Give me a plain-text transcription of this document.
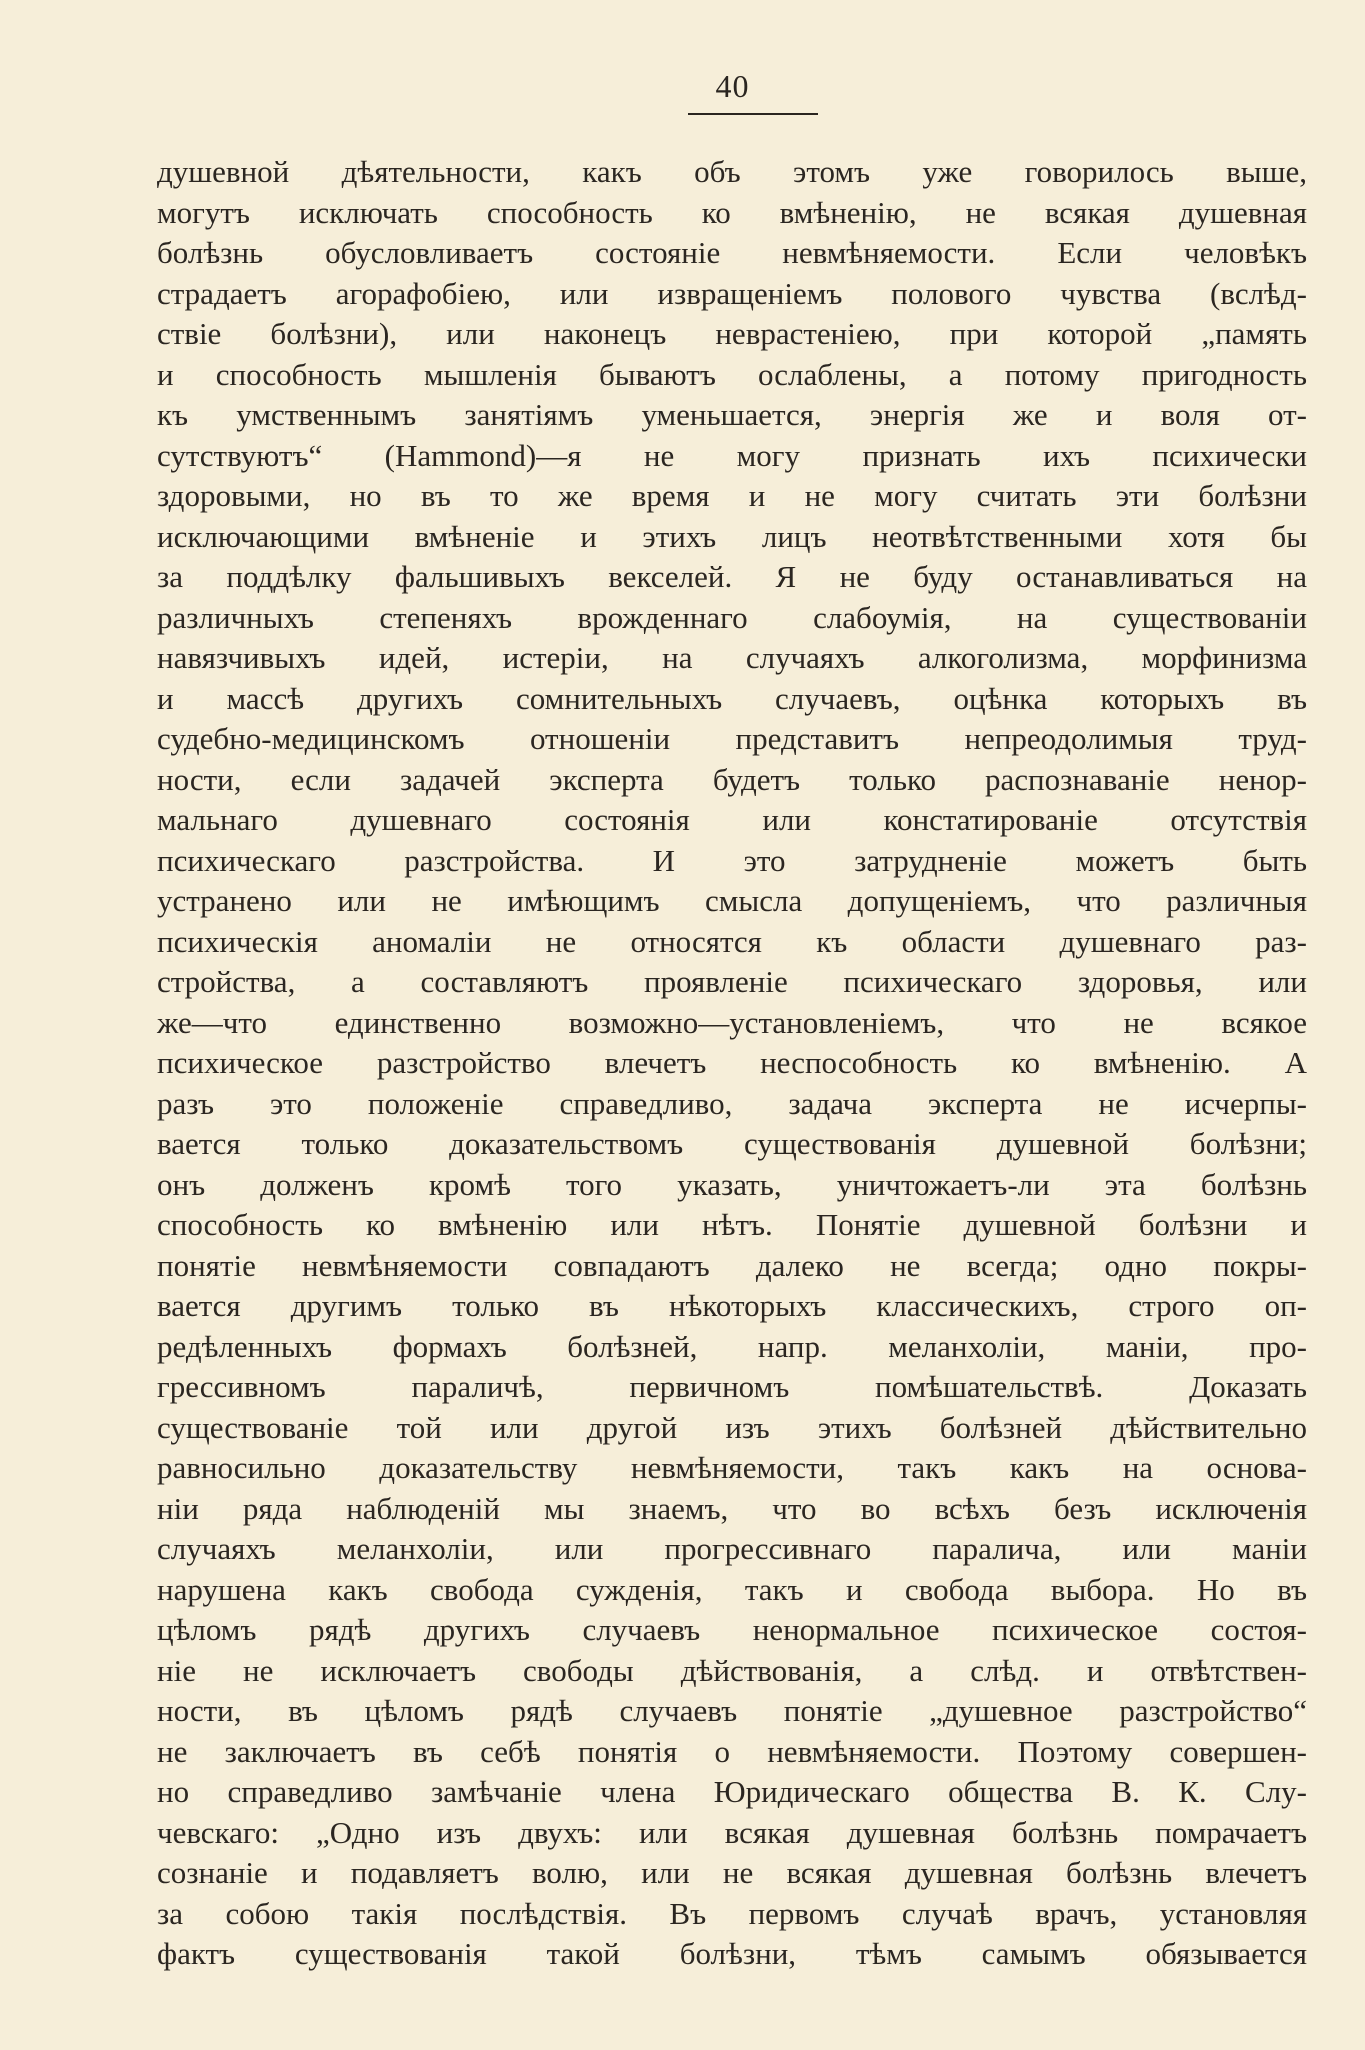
40
душевной дѣятельности, какъ объ этомъ уже говорилось выше,
могутъ исключать способность ко вмѣненію, не всякая душевная
болѣзнь обусловливаетъ состояніе невмѣняемости. Если человѣкъ
страдаетъ агорафобіею, или извращеніемъ полового чувства (вслѣд-
ствіе болѣзни), или наконецъ неврастеніею, при которой „память
и способность мышленія бываютъ ослаблены, а потому пригодность
къ умственнымъ занятіямъ уменьшается, энергія же и воля от-
сутствуютъ“ (Hammond)—я не могу признать ихъ психически
здоровыми, но въ то же время и не могу считать эти болѣзни
исключающими вмѣненіе и этихъ лицъ неотвѣтственными хотя бы
за поддѣлку фальшивыхъ векселей. Я не буду останавливаться на
различныхъ степеняхъ врожденнаго слабоумія, на существованіи
навязчивыхъ идей, истеріи, на случаяхъ алкоголизма, морфинизма
и массѣ другихъ сомнительныхъ случаевъ, оцѣнка которыхъ въ
судебно-медицинскомъ отношеніи представитъ непреодолимыя труд-
ности, если задачей эксперта будетъ только распознаваніе ненор-
мальнаго душевнаго состоянія или констатированіе отсутствія
психическаго разстройства. И это затрудненіе можетъ быть
устранено или не имѣющимъ смысла допущеніемъ, что различныя
психическія аномаліи не относятся къ области душевнаго раз-
стройства, а составляютъ проявленіе психическаго здоровья, или
же—что единственно возможно—установленіемъ, что не всякое
психическое разстройство влечетъ неспособность ко вмѣненію. А
разъ это положеніе справедливо, задача эксперта не исчерпы-
вается только доказательствомъ существованія душевной болѣзни;
онъ долженъ кромѣ того указать, уничтожаетъ-ли эта болѣзнь
способность ко вмѣненію или нѣтъ. Понятіе душевной болѣзни и
понятіе невмѣняемости совпадаютъ далеко не всегда; одно покры-
вается другимъ только въ нѣкоторыхъ классическихъ, строго оп-
редѣленныхъ формахъ болѣзней, напр. меланхоліи, маніи, про-
грессивномъ параличѣ, первичномъ помѣшательствѣ. Доказать
существованіе той или другой изъ этихъ болѣзней дѣйствительно
равносильно доказательству невмѣняемости, такъ какъ на основа-
ніи ряда наблюденій мы знаемъ, что во всѣхъ безъ исключенія
случаяхъ меланхоліи, или прогрессивнаго паралича, или маніи
нарушена какъ свобода сужденія, такъ и свобода выбора. Но въ
цѣломъ рядѣ другихъ случаевъ ненормальное психическое состоя-
ніе не исключаетъ свободы дѣйствованія, а слѣд. и отвѣтствен-
ности, въ цѣломъ рядѣ случаевъ понятіе „душевное разстройство“
не заключаетъ въ себѣ понятія о невмѣняемости. Поэтому совершен-
но справедливо замѣчаніе члена Юридическаго общества В. К. Слу-
чевскаго: „Одно изъ двухъ: или всякая душевная болѣзнь помрачаетъ
сознаніе и подавляетъ волю, или не всякая душевная болѣзнь влечетъ
за собою такія послѣдствія. Въ первомъ случаѣ врачъ, установляя
фактъ существованія такой болѣзни, тѣмъ самымъ обязывается
